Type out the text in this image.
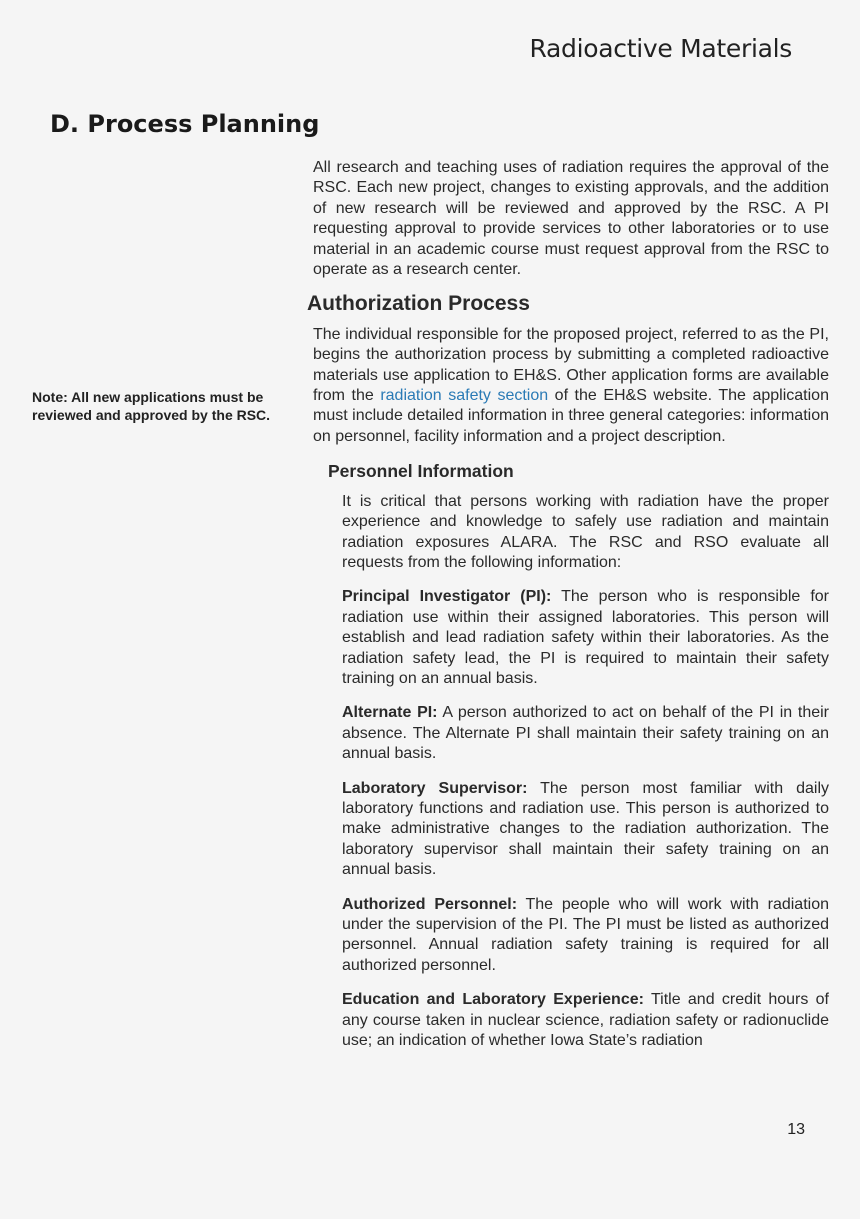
Radioactive Materials
D. Process Planning
Note: All new applications must be reviewed and approved by the RSC.

All research and teaching uses of radiation requires the approval of the RSC. Each new project, changes to existing approvals, and the addition of new research will be reviewed and approved by the RSC. A PI requesting approval to provide services to other laboratories or to use material in an academic course must request approval from the RSC to operate as a research center.

Authorization Process

The individual responsible for the proposed project, referred to as the PI, begins the authorization process by submitting a completed radioactive materials use application to EH&S. Other application forms are available from the radiation safety section of the EH&S website. The application must include detailed information in three general categories: information on personnel, facility information and a project description.

Personnel Information

It is critical that persons working with radiation have the proper experience and knowledge to safely use radiation and maintain radiation exposures ALARA. The RSC and RSO evaluate all requests from the following information:

Principal Investigator (PI): The person who is responsible for radiation use within their assigned laboratories. This person will establish and lead radiation safety within their laboratories. As the radiation safety lead, the PI is required to maintain their safety training on an annual basis.

Alternate PI: A person authorized to act on behalf of the PI in their absence. The Alternate PI shall maintain their safety training on an annual basis.

Laboratory Supervisor: The person most familiar with daily laboratory functions and radiation use. This person is authorized to make administrative changes to the radiation authorization. The laboratory supervisor shall maintain their safety training on an annual basis.

Authorized Personnel: The people who will work with radiation under the supervision of the PI. The PI must be listed as authorized personnel. Annual radiation safety training is required for all authorized personnel.

Education and Laboratory Experience: Title and credit hours of any course taken in nuclear science, radiation safety or radionuclide use; an indication of whether Iowa State’s radiation

13
